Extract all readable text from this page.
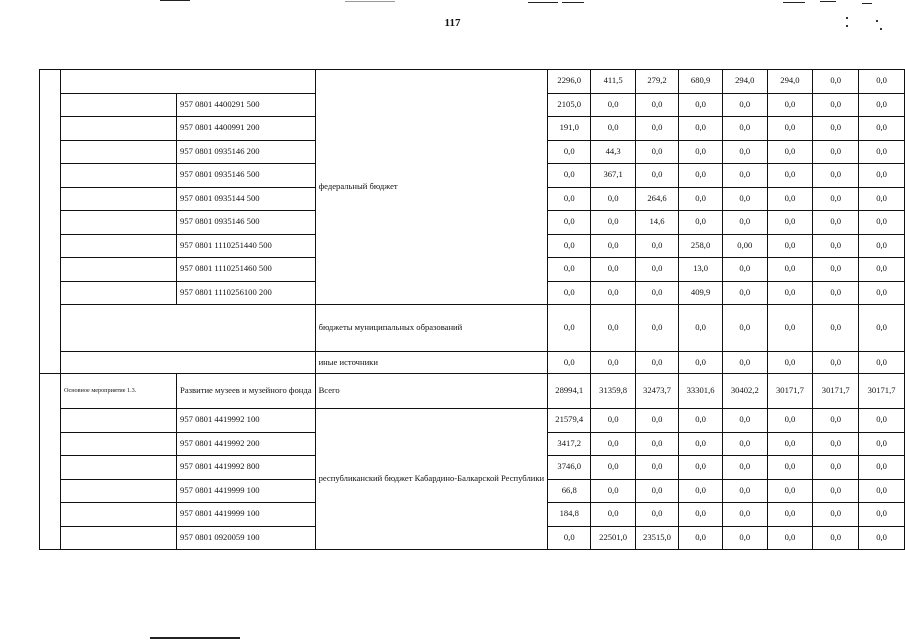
117
			федеральный бюджет	2296,0	411,5	279,2	680,9	294,0	294,0	0,0	0,0
		957 0801 4400291 500		2105,0	0,0	0,0	0,0	0,0	0,0	0,0	0,0
		957 0801 4400991 200		191,0	0,0	0,0	0,0	0,0	0,0	0,0	0,0
		957 0801 0935146 200		0,0	44,3	0,0	0,0	0,0	0,0	0,0	0,0
		957 0801 0935146 500		0,0	367,1	0,0	0,0	0,0	0,0	0,0	0,0
		957 0801 0935144 500		0,0	0,0	264,6	0,0	0,0	0,0	0,0	0,0
		957 0801 0935146 500		0,0	0,0	14,6	0,0	0,0	0,0	0,0	0,0
		957 0801 1110251440 500		0,0	0,0	0,0	258,0	0,00	0,0	0,0	0,0
		957 0801 1110251460 500		0,0	0,0	0,0	13,0	0,0	0,0	0,0	0,0
		957 0801 1110256100 200		0,0	0,0	0,0	409,9	0,0	0,0	0,0	0,0
			бюджеты муниципальных образований	0,0	0,0	0,0	0,0	0,0	0,0	0,0	0,0
			иные источники	0,0	0,0	0,0	0,0	0,0	0,0	0,0	0,0
	Основное мероприятие 1.3.	Развитие музеев и музейного фонда	Всего	28994,1	31359,8	32473,7	33301,6	30402,2	30171,7	30171,7	30171,7
		957 0801 4419992 100	республиканский бюджет Кабардино-Балкарской Республики	21579,4	0,0	0,0	0,0	0,0	0,0	0,0	0,0
		957 0801 4419992 200		3417,2	0,0	0,0	0,0	0,0	0,0	0,0	0,0
		957 0801 4419992 800		3746,0	0,0	0,0	0,0	0,0	0,0	0,0	0,0
		957 0801 4419999 100		66,8	0,0	0,0	0,0	0,0	0,0	0,0	0,0
		957 0801 4419999 100		184,8	0,0	0,0	0,0	0,0	0,0	0,0	0,0
		957 0801 0920059 100		0,0	22501,0	23515,0	0,0	0,0	0,0	0,0	0,0
